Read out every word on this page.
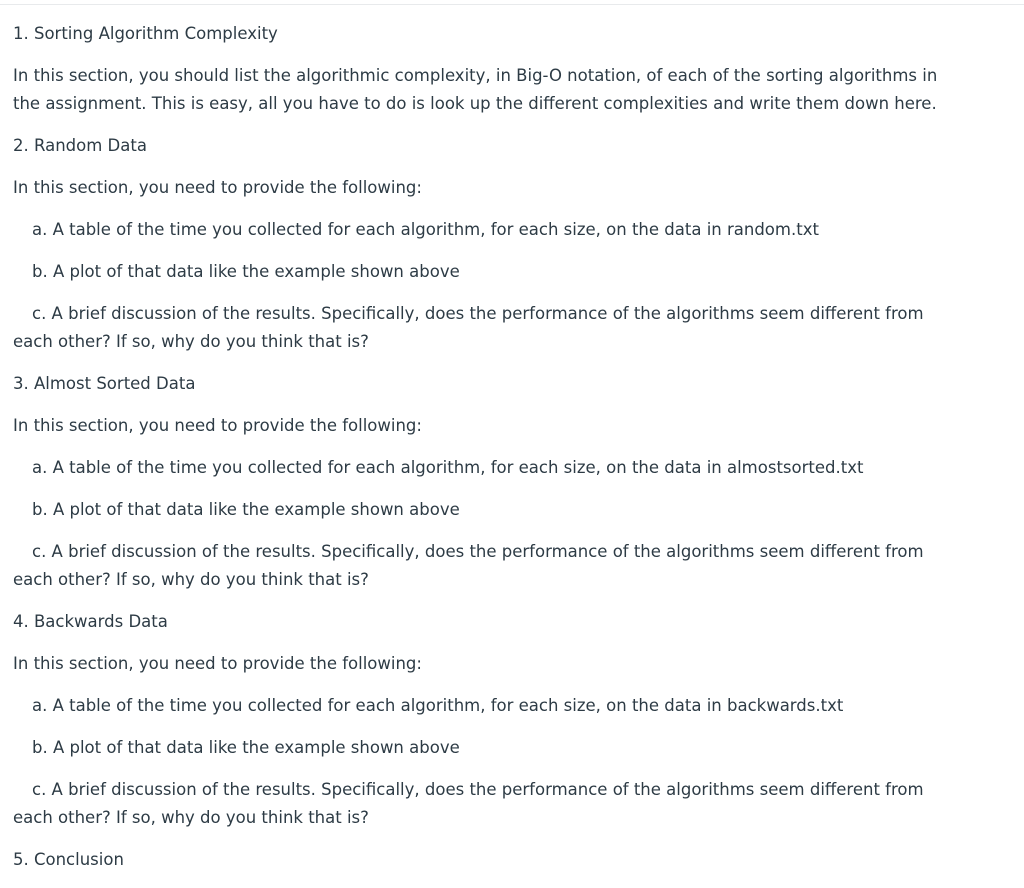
1. Sorting Algorithm Complexity

In this section, you should list the algorithmic complexity, in Big-O notation, of each of the sorting algorithms in the assignment. This is easy, all you have to do is look up the different complexities and write them down here.

2. Random Data

In this section, you need to provide the following:

a. A table of the time you collected for each algorithm, for each size, on the data in random.txt

b. A plot of that data like the example shown above

c. A brief discussion of the results. Specifically, does the performance of the algorithms seem different from each other? If so, why do you think that is?

3. Almost Sorted Data

In this section, you need to provide the following:

a. A table of the time you collected for each algorithm, for each size, on the data in almostsorted.txt

b. A plot of that data like the example shown above

c. A brief discussion of the results. Specifically, does the performance of the algorithms seem different from each other? If so, why do you think that is?

4. Backwards Data

In this section, you need to provide the following:

a. A table of the time you collected for each algorithm, for each size, on the data in backwards.txt

b. A plot of that data like the example shown above

c. A brief discussion of the results. Specifically, does the performance of the algorithms seem different from each other? If so, why do you think that is?

5. Conclusion
